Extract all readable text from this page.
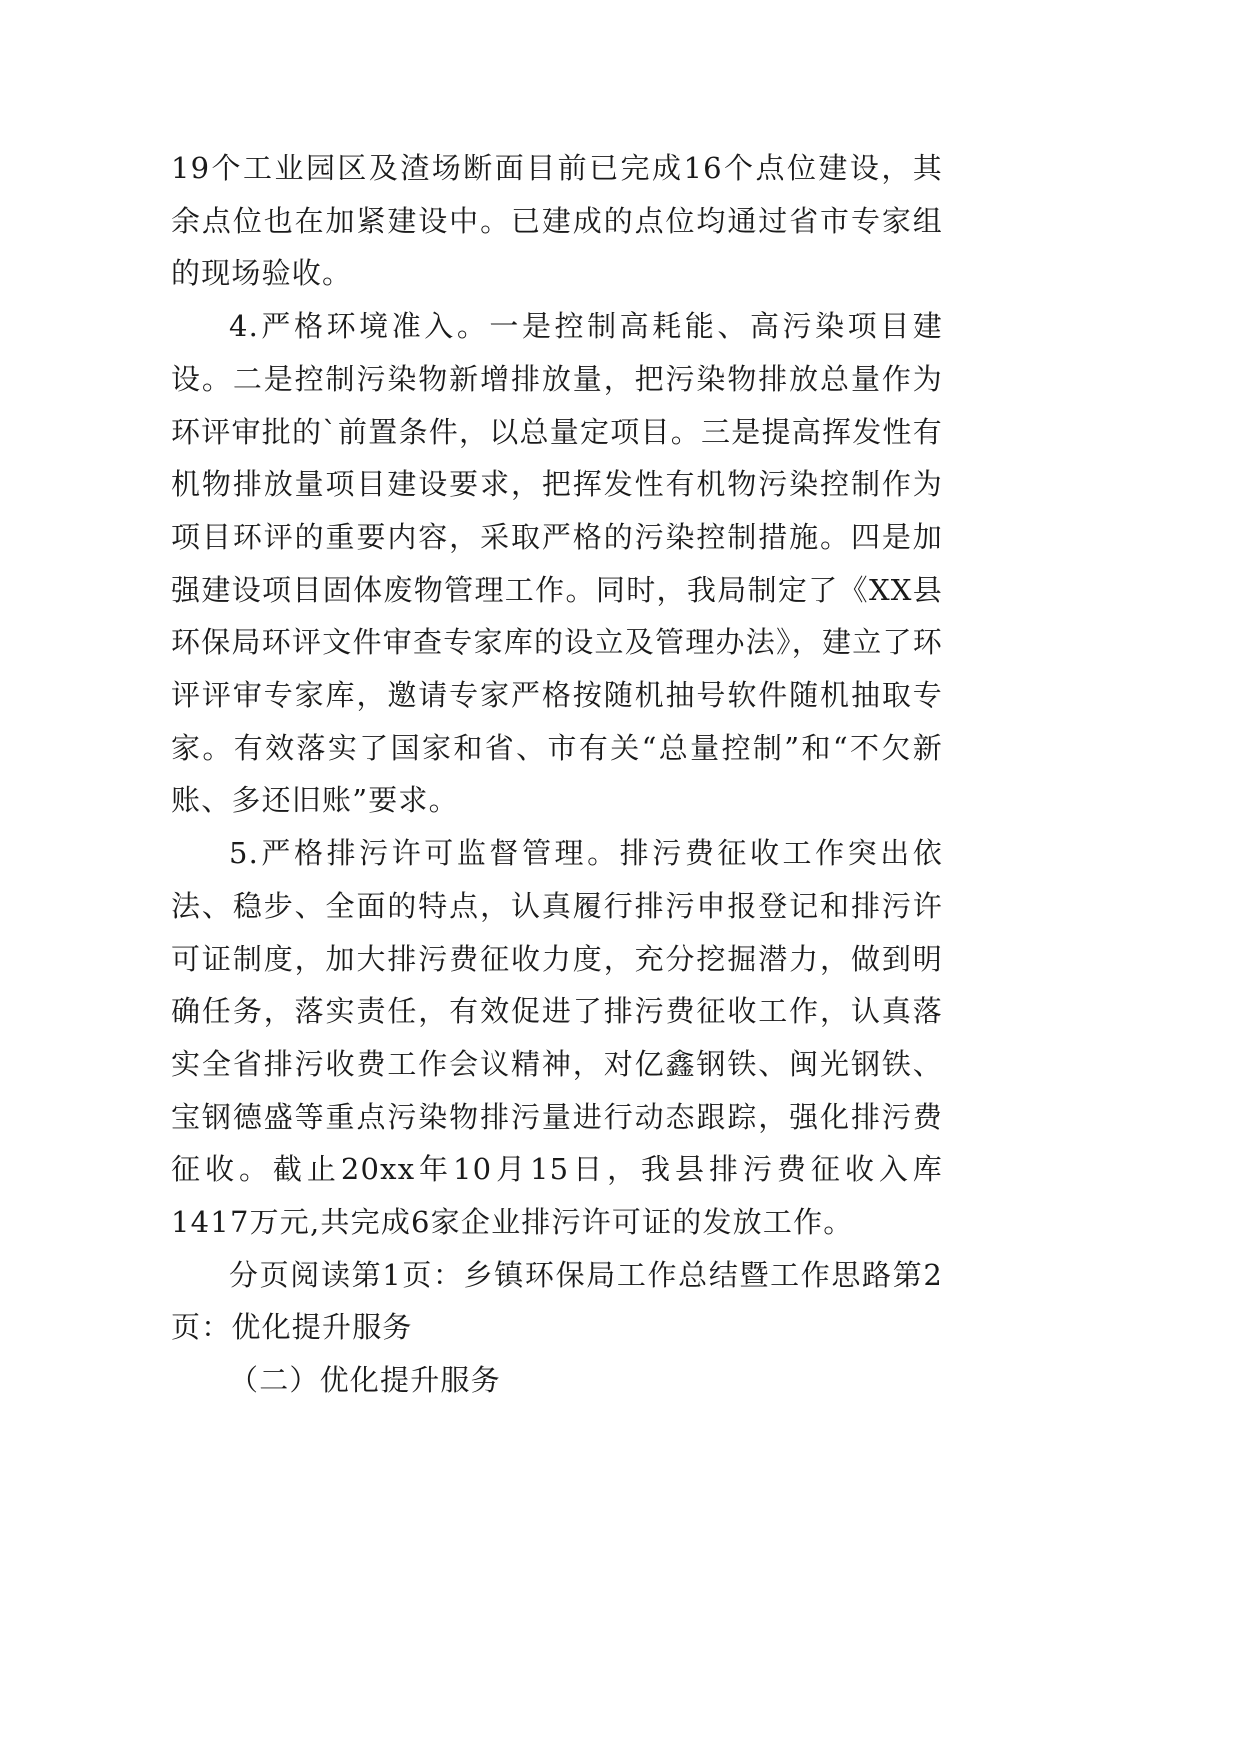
19个工业园区及渣场断面目前已完成16个点位建设，其余点位也在加紧建设中。已建成的点位均通过省市专家组的现场验收。

4.严格环境准入。一是控制高耗能、高污染项目建设。二是控制污染物新增排放量，把污染物排放总量作为环评审批的`前置条件，以总量定项目。三是提高挥发性有机物排放量项目建设要求，把挥发性有机物污染控制作为项目环评的重要内容，采取严格的污染控制措施。四是加强建设项目固体废物管理工作。同时，我局制定了《XX县环保局环评文件审查专家库的设立及管理办法》，建立了环评评审专家库，邀请专家严格按随机抽号软件随机抽取专家。有效落实了国家和省、市有关“总量控制”和“不欠新账、多还旧账”要求。

5.严格排污许可监督管理。排污费征收工作突出依法、稳步、全面的特点，认真履行排污申报登记和排污许可证制度，加大排污费征收力度，充分挖掘潜力，做到明确任务，落实责任，有效促进了排污费征收工作，认真落实全省排污收费工作会议精神，对亿鑫钢铁、闽光钢铁、宝钢德盛等重点污染物排污量进行动态跟踪，强化排污费征收。截止20xx年10月15日，我县排污费征收入库1417万元,共完成6家企业排污许可证的发放工作。

分页阅读第1页：乡镇环保局工作总结暨工作思路第2页：优化提升服务

（二）优化提升服务
